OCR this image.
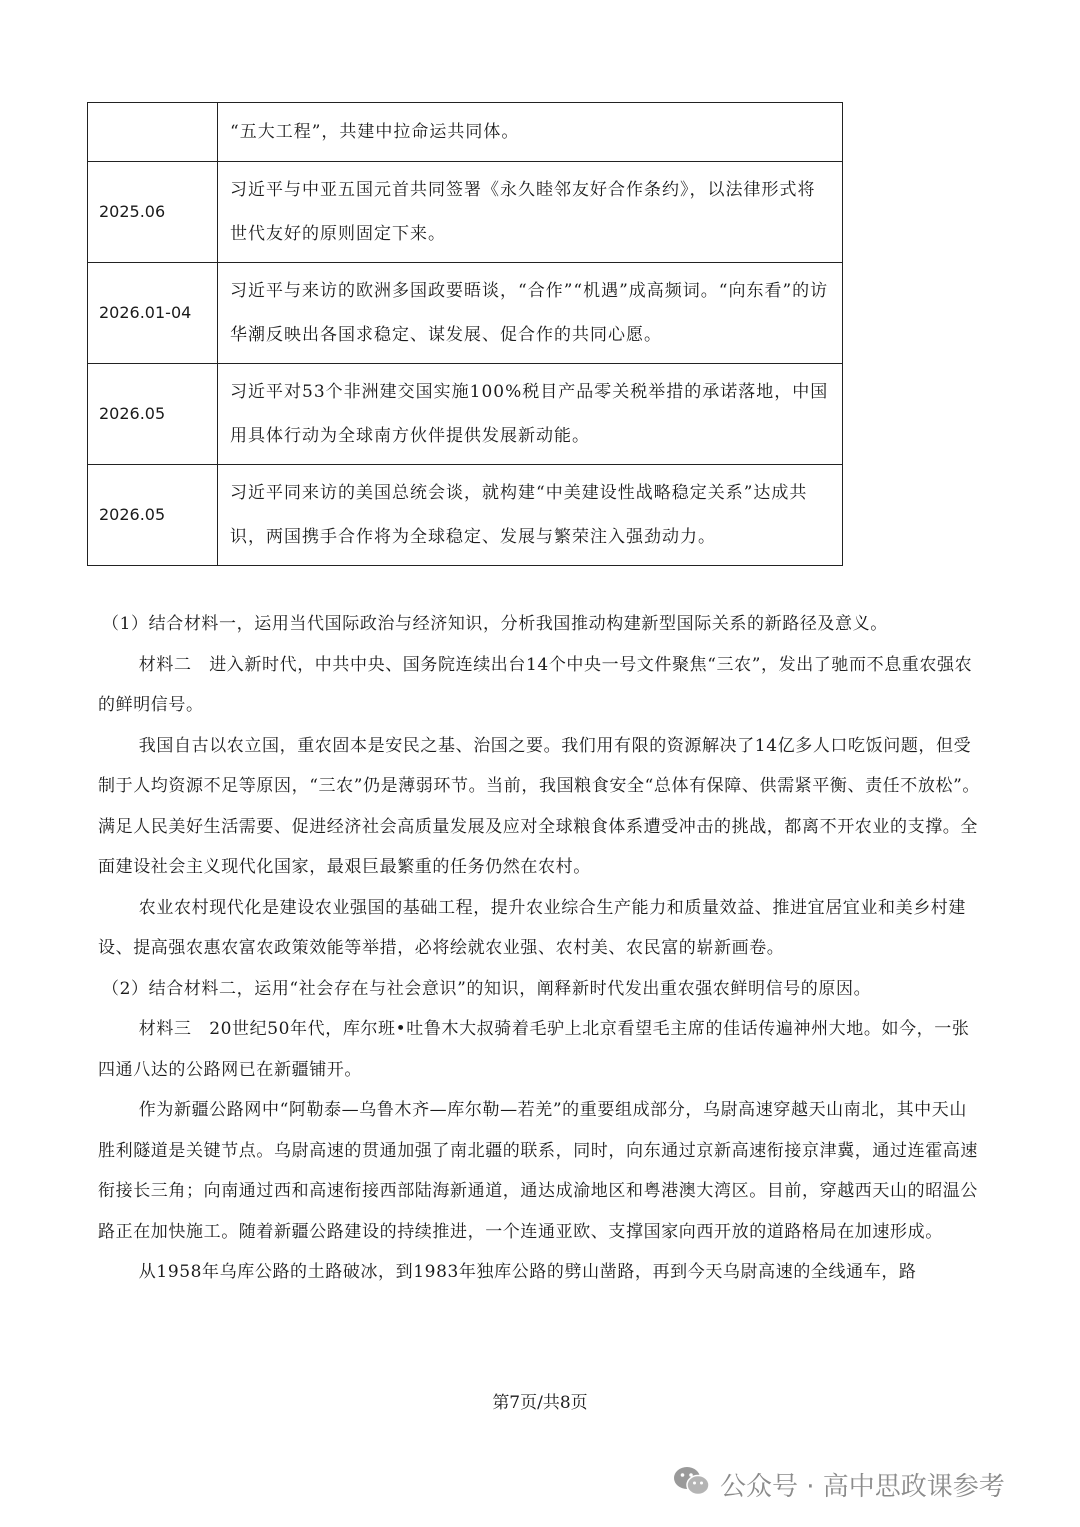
	“五大工程”，共建中拉命运共同体。
2025.06	习近平与中亚五国元首共同签署《永久睦邻友好合作条约》，以法律形式将世代友好的原则固定下来。
2026.01-04	习近平与来访的欧洲多国政要晤谈，“合作”“机遇”成高频词。“向东看”的访华潮反映出各国求稳定、谋发展、促合作的共同心愿。
2026.05	习近平对53个非洲建交国实施100%税目产品零关税举措的承诺落地，中国用具体行动为全球南方伙伴提供发展新动能。
2026.05	习近平同来访的美国总统会谈，就构建“中美建设性战略稳定关系”达成共识，两国携手合作将为全球稳定、发展与繁荣注入强劲动力。

（1）结合材料一，运用当代国际政治与经济知识，分析我国推动构建新型国际关系的新路径及意义。

材料二　进入新时代，中共中央、国务院连续出台14个中央一号文件聚焦“三农”，发出了驰而不息重农强农的鲜明信号。

我国自古以农立国，重农固本是安民之基、治国之要。我们用有限的资源解决了14亿多人口吃饭问题，但受制于人均资源不足等原因，“三农”仍是薄弱环节。当前，我国粮食安全“总体有保障、供需紧平衡、责任不放松”。满足人民美好生活需要、促进经济社会高质量发展及应对全球粮食体系遭受冲击的挑战，都离不开农业的支撑。全面建设社会主义现代化国家，最艰巨最繁重的任务仍然在农村。

农业农村现代化是建设农业强国的基础工程，提升农业综合生产能力和质量效益、推进宜居宜业和美乡村建设、提高强农惠农富农政策效能等举措，必将绘就农业强、农村美、农民富的崭新画卷。

（2）结合材料二，运用“社会存在与社会意识”的知识，阐释新时代发出重农强农鲜明信号的原因。

材料三　20世纪50年代，库尔班•吐鲁木大叔骑着毛驴上北京看望毛主席的佳话传遍神州大地。如今，一张四通八达的公路网已在新疆铺开。

作为新疆公路网中“阿勒泰—乌鲁木齐—库尔勒—若羌”的重要组成部分，乌尉高速穿越天山南北，其中天山胜利隧道是关键节点。乌尉高速的贯通加强了南北疆的联系，同时，向东通过京新高速衔接京津冀，通过连霍高速衔接长三角；向南通过西和高速衔接西部陆海新通道，通达成渝地区和粤港澳大湾区。目前，穿越西天山的昭温公路正在加快施工。随着新疆公路建设的持续推进，一个连通亚欧、支撑国家向西开放的道路格局在加速形成。

从1958年乌库公路的土路破冰，到1983年独库公路的劈山凿路，再到今天乌尉高速的全线通车，路

第7页/共8页
公众号 · 高中思政课参考
